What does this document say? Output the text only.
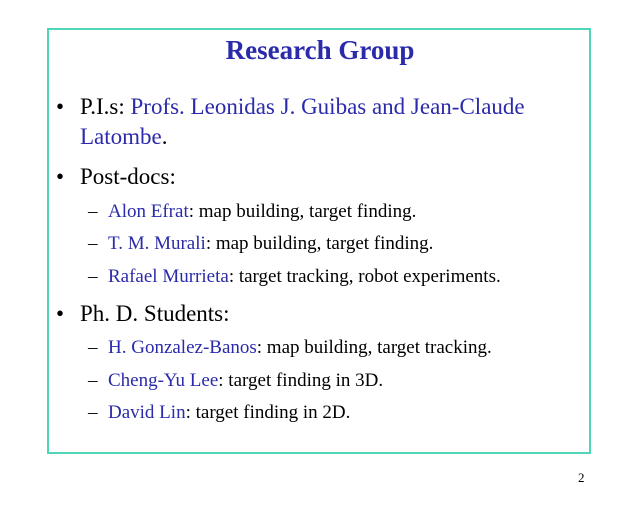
Research Group
• P.I.s: Profs. Leonidas J. Guibas and Jean-Claude Latombe.
• Post-docs:
– Alon Efrat: map building, target finding.
– T. M. Murali: map building, target finding.
– Rafael Murrieta: target tracking, robot experiments.
• Ph. D. Students:
– H. Gonzalez-Banos: map building, target tracking.
– Cheng-Yu Lee: target finding in 3D.
– David Lin: target finding in 2D.
2
